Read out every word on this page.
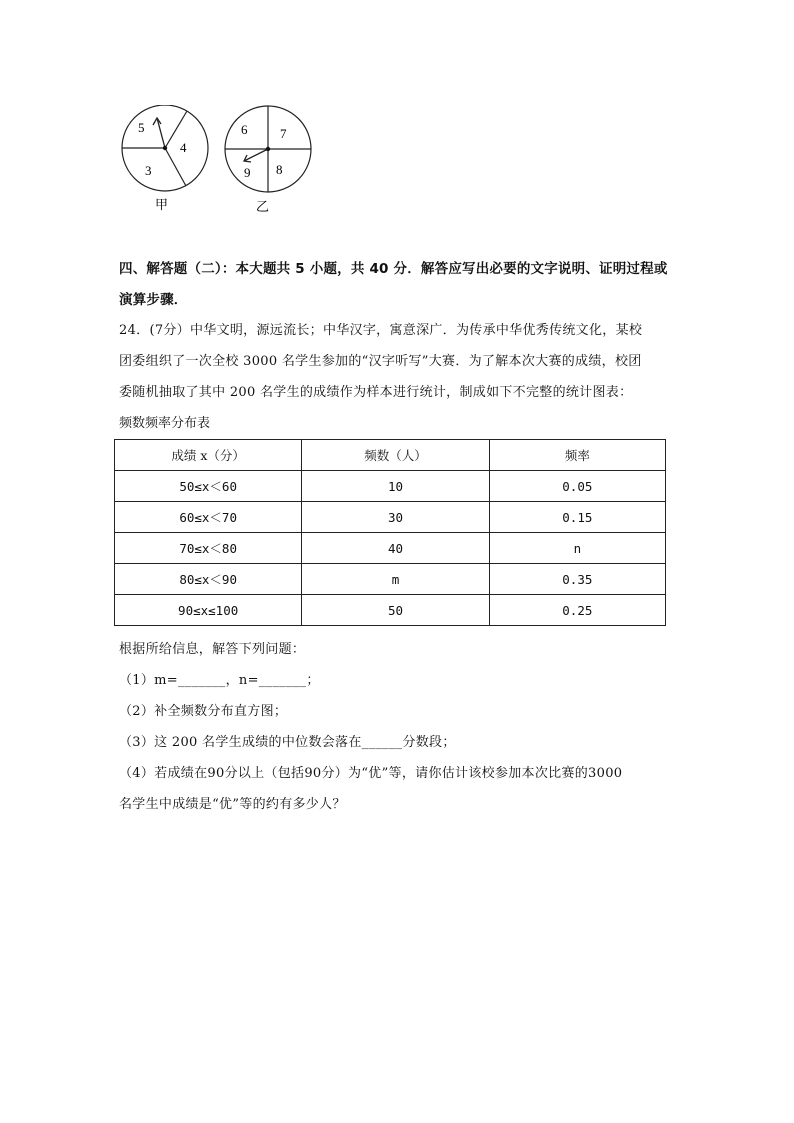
5
4
3
甲
6	7
9 8
乙
四、解答题（二）：本大题共 5 小题，共 40 分．解答应写出必要的文字说明、证明过程或
演算步骤．

24．(7分）中华文明，源远流长；中华汉字，寓意深广．为传承中华优秀传统文化，某校

团委组织了一次全校 3000 名学生参加的“汉字听写”大赛．为了解本次大赛的成绩，校团

委随机抽取了其中 200 名学生的成绩作为样本进行统计，制成如下不完整的统计图表：

频数频率分布表
成绩 x（分）	频数（人）	频率
50≤x＜60	10	0.05
60≤x＜70	30	0.15
70≤x＜80	40	n
80≤x＜90	m	0.35
90≤x≤100	50	0.25

根据所给信息，解答下列问题：

（1）m=_______，n=_______；

（2）补全频数分布直方图；

（3）这 200 名学生成绩的中位数会落在______分数段；

（4）若成绩在90分以上（包括90分）为“优”等，请你估计该校参加本次比赛的3000

名学生中成绩是“优”等的约有多少人？
